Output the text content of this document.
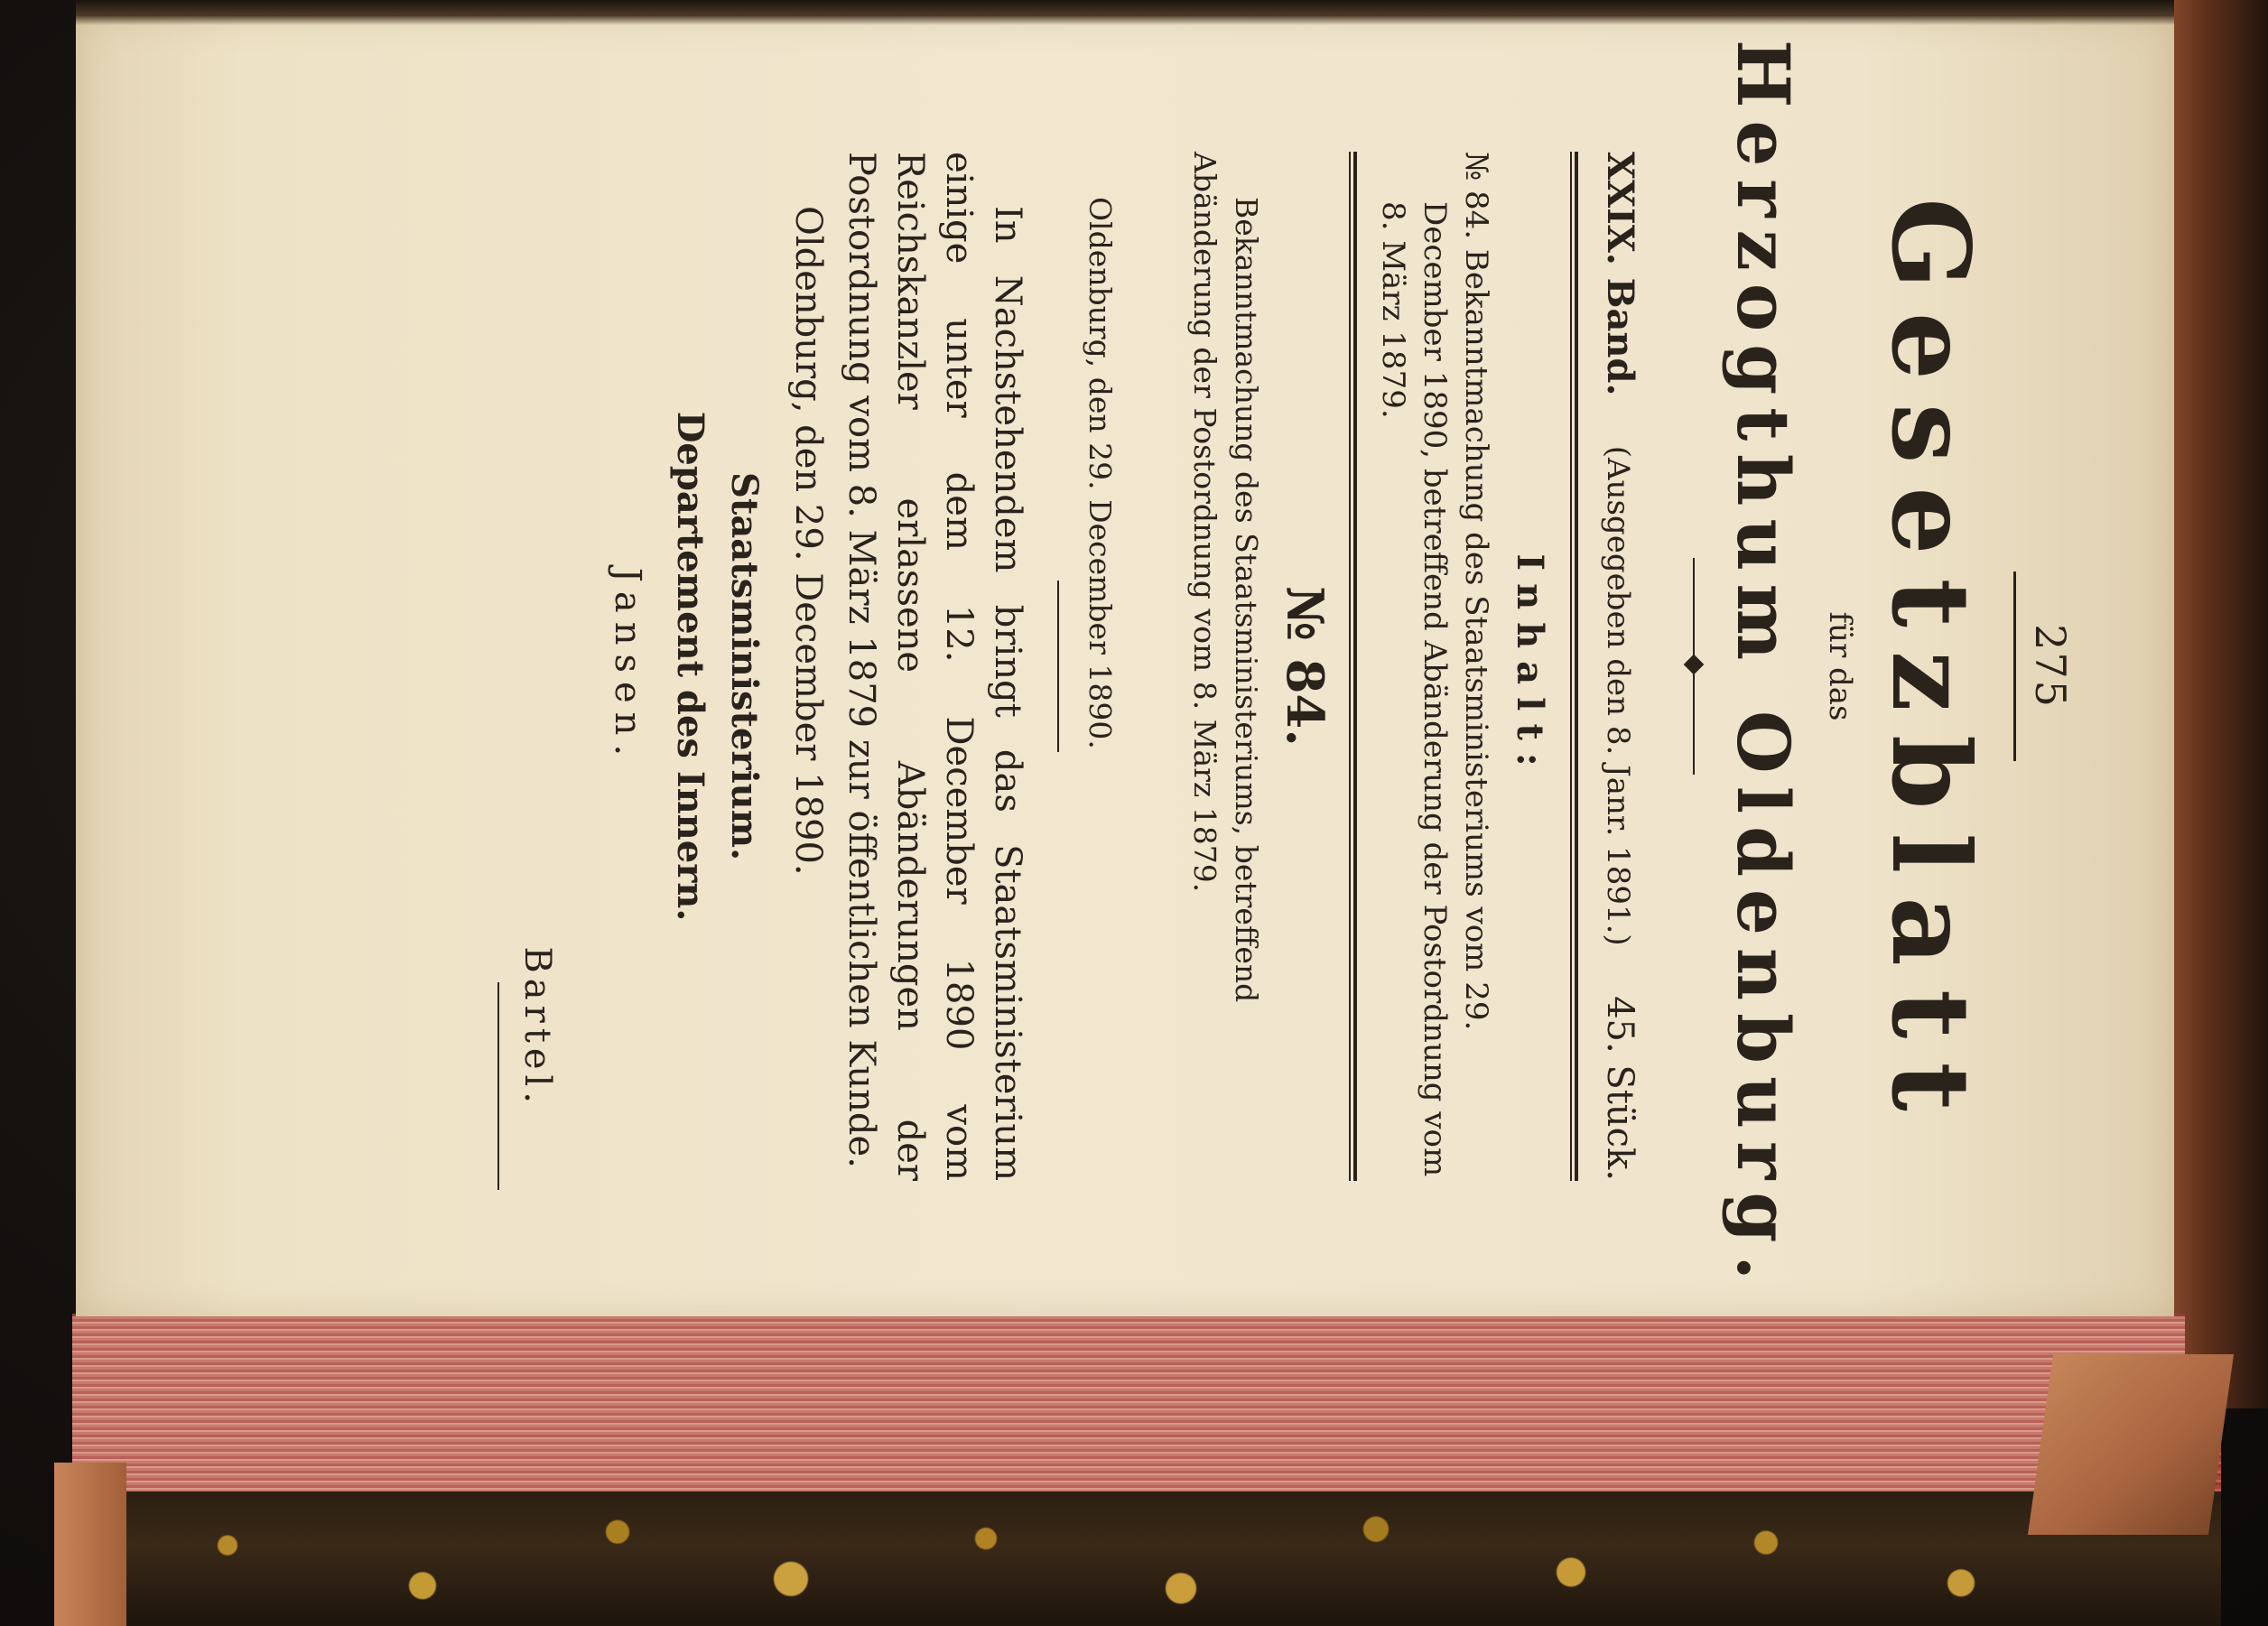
275
Gesetzblatt
für das
Herzogthum Oldenburg.
XXIX. Band.
(Ausgegeben den 8. Janr. 1891.)
45. Stück.
Inhalt:
№ 84. Bekanntmachung des Staatsministeriums vom 29. December 1890, betreffend Abänderung der Postordnung vom 8. März 1879.
№ 84.
Bekanntmachung des Staatsministeriums, betreffend Abänderung der Postordnung vom 8. März 1879.
Oldenburg, den 29. December 1890.
In Nachstehendem bringt das Staatsministerium einige unter dem 12. December 1890 vom Reichskanzler erlassene Abänderungen der Postordnung vom 8. März 1879 zur öffentlichen Kunde.
Oldenburg, den 29. December 1890.
Staatsministerium.
Departement des Innern.
Jansen.
Bartel.
